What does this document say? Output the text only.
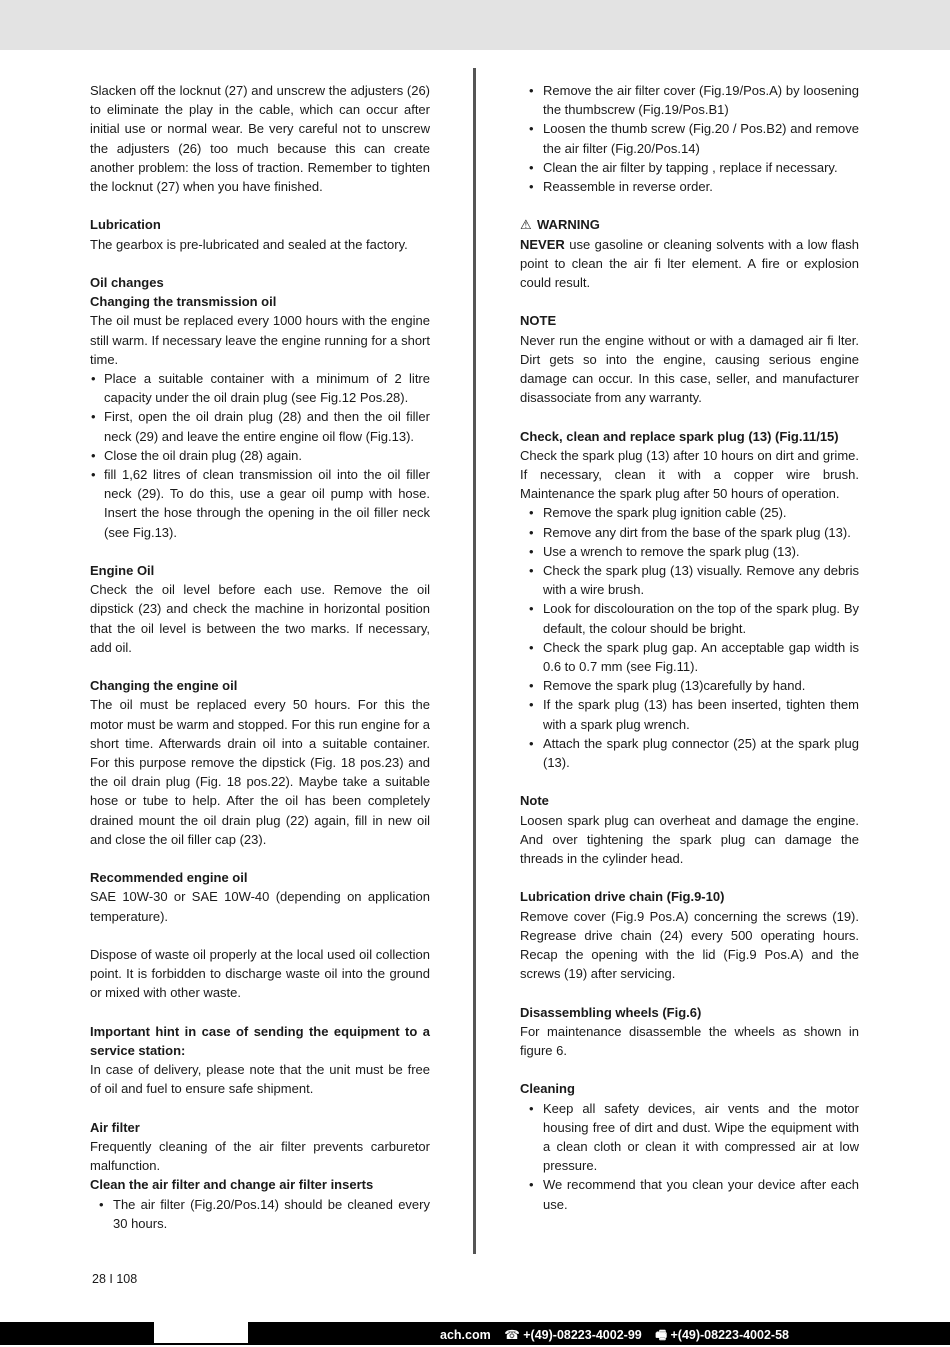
Slacken off the locknut (27) and unscrew the adjusters (26) to eliminate the play in the cable, which can occur after initial use or normal wear. Be very careful not to unscrew the adjusters (26) too much because this can create another problem: the loss of traction. Remember to tighten the locknut (27) when you have finished.

Lubrication

The gearbox is pre-lubricated and sealed at the factory.

Oil changes

Changing the transmission oil

The oil must be replaced every 1000 hours with the engine still warm. If necessary leave the engine running for a short time.

• Place a suitable container with a minimum of 2 litre capacity under the oil drain plug (see Fig.12 Pos.28).
• First, open the oil drain plug (28) and then the oil filler neck (29) and leave the entire engine oil flow (Fig.13).
• Close the oil drain plug (28) again.
• fill 1,62 litres of clean transmission oil into the oil filler neck (29). To do this, use a gear oil pump with hose. Insert the hose through the opening in the oil filler neck (see Fig.13).

Engine Oil

Check the oil level before each use. Remove the oil dipstick (23) and check the machine in horizontal position that the oil level is between the two marks. If necessary, add oil.

Changing the engine oil

The oil must be replaced every 50 hours. For this the motor must be warm and stopped. For this run engine for a short time. Afterwards drain oil into a suitable container. For this purpose remove the dipstick (Fig. 18 pos.23) and the oil drain plug (Fig. 18 pos.22). Maybe take a suitable hose or tube to help. After the oil has been completely drained mount the oil drain plug (22) again, fill in new oil and close the oil filler cap (23).

Recommended engine oil

SAE 10W-30 or SAE 10W-40 (depending on application temperature).

Dispose of waste oil properly at the local used oil collection point. It is forbidden to discharge waste oil into the ground or mixed with other waste.

Important hint in case of sending the equipment to a service station:

In case of delivery, please note that the unit must be free of oil and fuel to ensure safe shipment.

Air filter

Frequently cleaning of the air filter prevents carburetor malfunction.

Clean the air filter and change air filter inserts

• The air filter (Fig.20/Pos.14) should be cleaned every 30 hours.
• Remove the air filter cover (Fig.19/Pos.A) by loosening the thumbscrew (Fig.19/Pos.B1)
• Loosen the thumb screw (Fig.20 / Pos.B2) and remove the air filter (Fig.20/Pos.14)
• Clean the air filter by tapping , replace if necessary.
• Reassemble in reverse order.

⚠ WARNING

NEVER use gasoline or cleaning solvents with a low flash point to clean the air fi lter element. A fire or explosion could result.

NOTE

Never run the engine without or with a damaged air fi lter. Dirt gets so into the engine, causing serious engine damage can occur. In this case, seller, and manufacturer disassociate from any warranty.

Check, clean and replace spark plug (13) (Fig.11/15)

Check the spark plug (13) after 10 hours on dirt and grime. If necessary, clean it with a copper wire brush. Maintenance the spark plug after 50 hours of operation.

• Remove the spark plug ignition cable (25).
• Remove any dirt from the base of the spark plug (13).
• Use a wrench to remove the spark plug (13).
• Check the spark plug (13) visually. Remove any debris with a wire brush.
• Look for discolouration on the top of the spark plug. By default, the colour should be bright.
• Check the spark plug gap. An acceptable gap width is 0.6 to 0.7 mm (see Fig.11).
• Remove the spark plug (13)carefully by hand.
• If the spark plug (13) has been inserted, tighten them with a spark plug wrench.
• Attach the spark plug connector (25) at the spark plug (13).

Note

Loosen spark plug can overheat and damage the engine. And over tightening the spark plug can damage the threads in the cylinder head.

Lubrication drive chain (Fig.9-10)

Remove cover (Fig.9 Pos.A) concerning the screws (19). Regrease drive chain (24) every 500 operating hours. Recap the opening with the lid (Fig.9 Pos.A) and the screws (19) after servicing.

Disassembling wheels (Fig.6)

For maintenance disassemble the wheels as shown in figure 6.

Cleaning

• Keep all safety devices, air vents and the motor housing free of dirt and dust. Wipe the equipment with a clean cloth or clean it with compressed air at low pressure.
• We recommend that you clean your device after each use.
28 I 108
ach.com ☎ +(49)-08223-4002-99 🖷 +(49)-08223-4002-58
